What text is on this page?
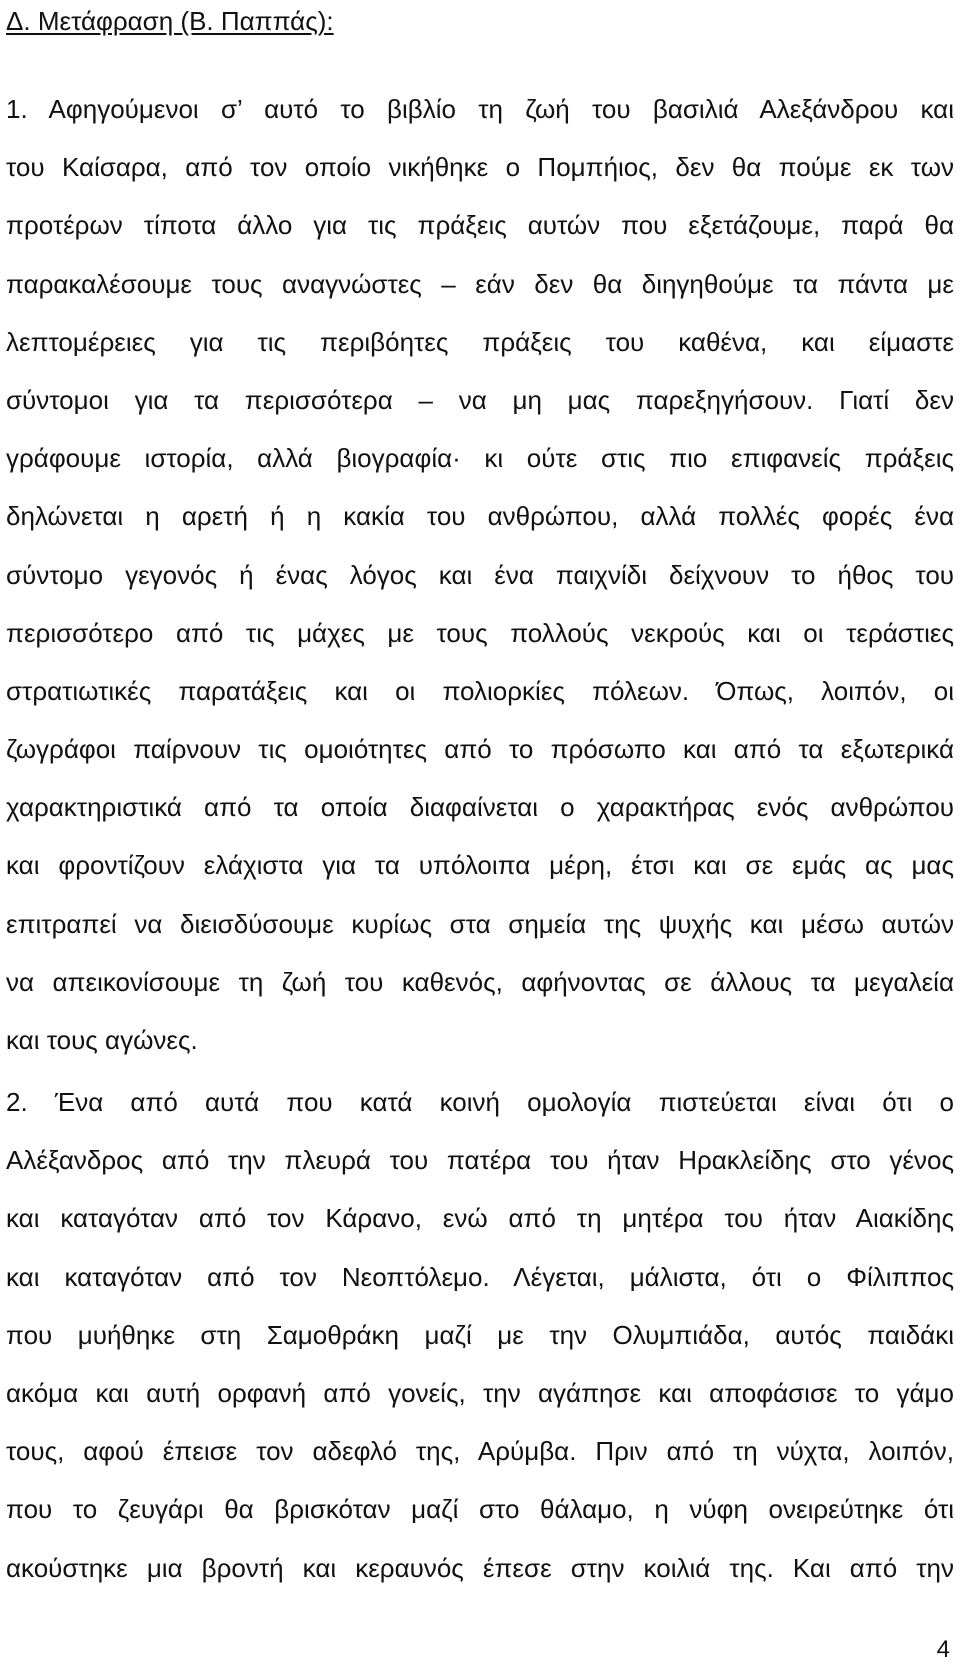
Δ. Μετάφραση (Β. Παππάς):
1. Αφηγούμενοι σ’ αυτό το βιβλίο τη ζωή του βασιλιά Αλεξάνδρου και
του Καίσαρα, από τον οποίο νικήθηκε ο Πομπήιος, δεν θα πούμε εκ των
προτέρων τίποτα άλλο για τις πράξεις αυτών που εξετάζουμε, παρά θα
παρακαλέσουμε τους αναγνώστες – εάν δεν θα διηγηθούμε τα πάντα με
λεπτομέρειες για τις περιβόητες πράξεις του καθένα, και είμαστε
σύντομοι για τα περισσότερα – να μη μας παρεξηγήσουν. Γιατί δεν
γράφουμε ιστορία, αλλά βιογραφία· κι ούτε στις πιο επιφανείς πράξεις
δηλώνεται η αρετή ή η κακία του ανθρώπου, αλλά πολλές φορές ένα
σύντομο γεγονός ή ένας λόγος και ένα παιχνίδι δείχνουν το ήθος του
περισσότερο από τις μάχες με τους πολλούς νεκρούς και οι τεράστιες
στρατιωτικές παρατάξεις και οι πολιορκίες πόλεων. Όπως, λοιπόν, οι
ζωγράφοι παίρνουν τις ομοιότητες από το πρόσωπο και από τα εξωτερικά
χαρακτηριστικά από τα οποία διαφαίνεται ο χαρακτήρας ενός ανθρώπου
και φροντίζουν ελάχιστα για τα υπόλοιπα μέρη, έτσι και σε εμάς ας μας
επιτραπεί να διεισδύσουμε κυρίως στα σημεία της ψυχής και μέσω αυτών
να απεικονίσουμε τη ζωή του καθενός, αφήνοντας σε άλλους τα μεγαλεία
και τους αγώνες.
2. Ένα από αυτά που κατά κοινή ομολογία πιστεύεται είναι ότι ο
Αλέξανδρος από την πλευρά του πατέρα του ήταν Ηρακλείδης στο γένος
και καταγόταν από τον Κάρανο, ενώ από τη μητέρα του ήταν Αιακίδης
και καταγόταν από τον Νεοπτόλεμο. Λέγεται, μάλιστα, ότι ο Φίλιππος
που μυήθηκε στη Σαμοθράκη μαζί με την Ολυμπιάδα, αυτός παιδάκι
ακόμα και αυτή ορφανή από γονείς, την αγάπησε και αποφάσισε το γάμο
τους, αφού έπεισε τον αδεφλό της, Αρύμβα. Πριν από τη νύχτα, λοιπόν,
που το ζευγάρι θα βρισκόταν μαζί στο θάλαμο, η νύφη ονειρεύτηκε ότι
ακούστηκε μια βροντή και κεραυνός έπεσε στην κοιλιά της. Και από την
4
